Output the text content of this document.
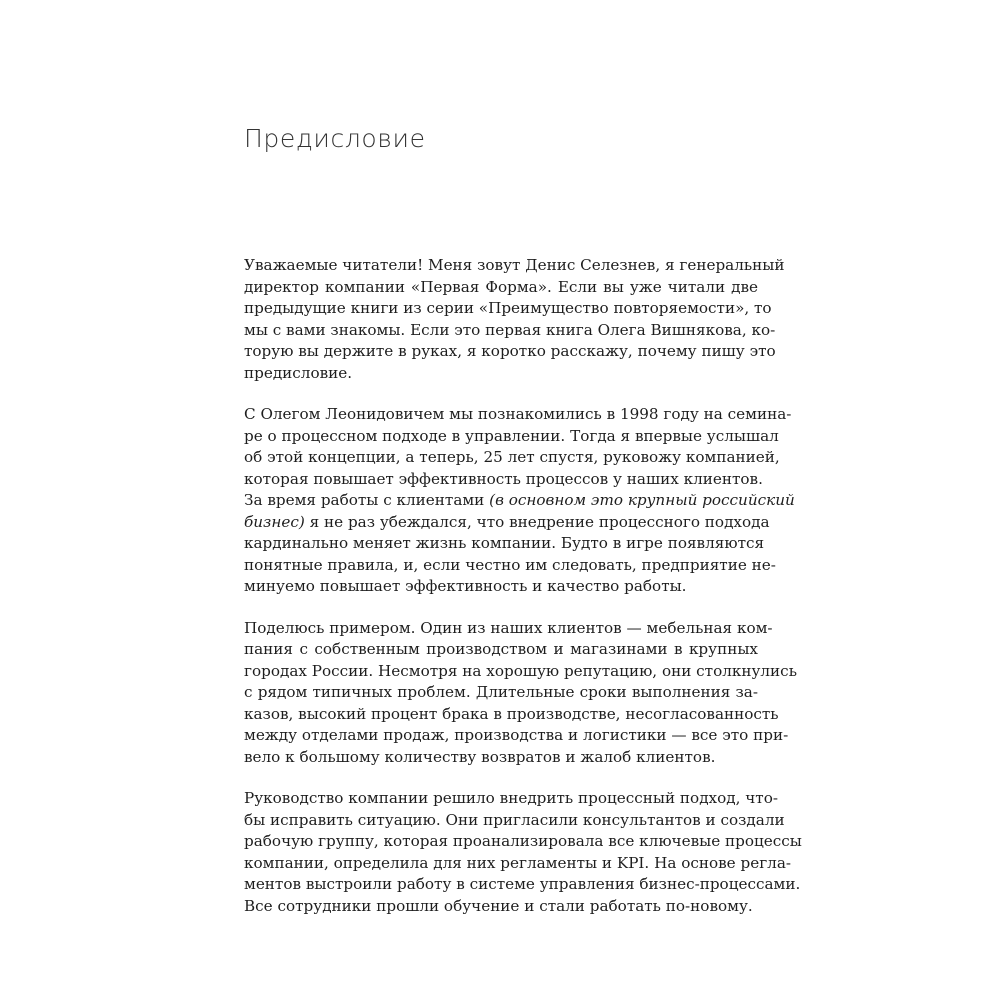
Предисловие
Уважаемые читатели! Меня зовут Денис Селезнев, я генеральный
директор компании «Первая Форма». Если вы уже читали две
предыдущие книги из серии «Преимущество повторяемости», то
мы с вами знакомы. Если это первая книга Олега Вишнякова, ко-
торую вы держите в руках, я коротко расскажу, почему пишу это
предисловие.
С Олегом Леонидовичем мы познакомились в 1998 году на семина-
ре о процессном подходе в управлении. Тогда я впервые услышал
об этой концепции, а теперь, 25 лет спустя, руковожу компанией,
которая повышает эффективность процессов у наших клиентов.
За время работы с клиентами (в основном это крупный российский
бизнес) я не раз убеждался, что внедрение процессного подхода
кардинально меняет жизнь компании. Будто в игре появляются
понятные правила, и, если честно им следовать, предприятие не-
минуемо повышает эффективность и качество работы.
Поделюсь примером. Один из наших клиентов — мебельная ком-
пания с собственным производством и магазинами в крупных
городах России. Несмотря на хорошую репутацию, они столкнулись
с рядом типичных проблем. Длительные сроки выполнения за-
казов, высокий процент брака в производстве, несогласованность
между отделами продаж, производства и логистики — все это при-
вело к большому количеству возвратов и жалоб клиентов.
Руководство компании решило внедрить процессный подход, что-
бы исправить ситуацию. Они пригласили консультантов и создали
рабочую группу, которая проанализировала все ключевые процессы
компании, определила для них регламенты и KPI. На основе регла-
ментов выстроили работу в системе управления бизнес-процессами.
Все сотрудники прошли обучение и стали работать по-новому.
